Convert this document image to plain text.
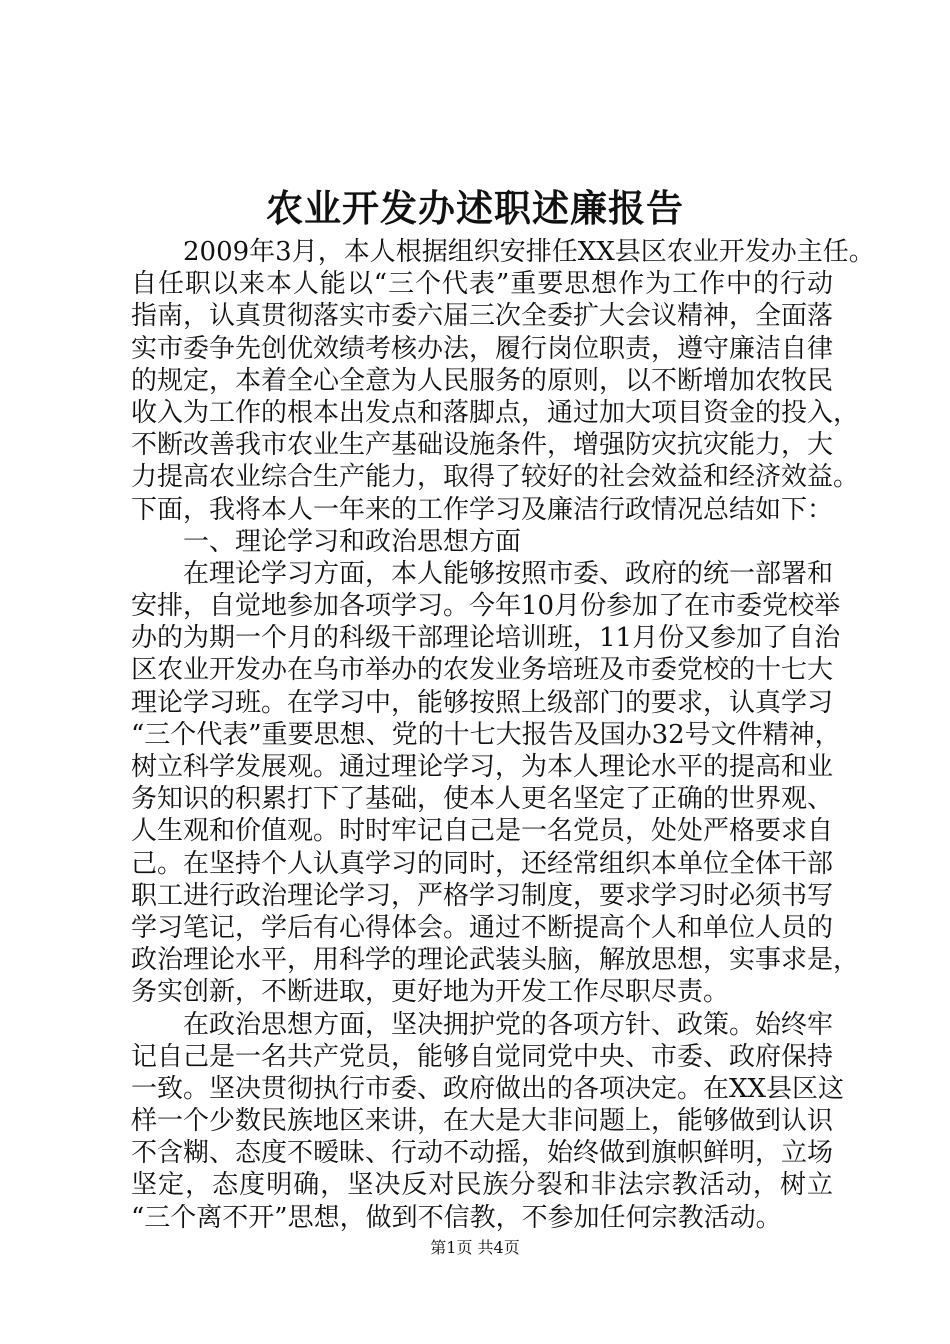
农业开发办述职述廉报告
　　2009年3月，本人根据组织安排任XX县区农业开发办主任。
自任职以来本人能以“三个代表”重要思想作为工作中的行动
指南，认真贯彻落实市委六届三次全委扩大会议精神，全面落
实市委争先创优效绩考核办法，履行岗位职责，遵守廉洁自律
的规定，本着全心全意为人民服务的原则，以不断增加农牧民
收入为工作的根本出发点和落脚点，通过加大项目资金的投入，
不断改善我市农业生产基础设施条件，增强防灾抗灾能力，大
力提高农业综合生产能力，取得了较好的社会效益和经济效益。
下面，我将本人一年来的工作学习及廉洁行政情况总结如下：
　　一、理论学习和政治思想方面
　　在理论学习方面，本人能够按照市委、政府的统一部署和
安排，自觉地参加各项学习。今年10月份参加了在市委党校举
办的为期一个月的科级干部理论培训班，11月份又参加了自治
区农业开发办在乌市举办的农发业务培班及市委党校的十七大
理论学习班。在学习中，能够按照上级部门的要求，认真学习
“三个代表”重要思想、党的十七大报告及国办32号文件精神，
树立科学发展观。通过理论学习，为本人理论水平的提高和业
务知识的积累打下了基础，使本人更名坚定了正确的世界观、
人生观和价值观。时时牢记自己是一名党员，处处严格要求自
己。在坚持个人认真学习的同时，还经常组织本单位全体干部
职工进行政治理论学习，严格学习制度，要求学习时必须书写
学习笔记，学后有心得体会。通过不断提高个人和单位人员的
政治理论水平，用科学的理论武装头脑，解放思想，实事求是，
务实创新，不断进取，更好地为开发工作尽职尽责。
　　在政治思想方面，坚决拥护党的各项方针、政策。始终牢
记自己是一名共产党员，能够自觉同党中央、市委、政府保持
一致。坚决贯彻执行市委、政府做出的各项决定。在XX县区这
样一个少数民族地区来讲，在大是大非问题上，能够做到认识
不含糊、态度不暧昧、行动不动摇，始终做到旗帜鲜明，立场
坚定，态度明确，坚决反对民族分裂和非法宗教活动，树立
“三个离不开”思想，做到不信教，不参加任何宗教活动。
第1页 共4页
